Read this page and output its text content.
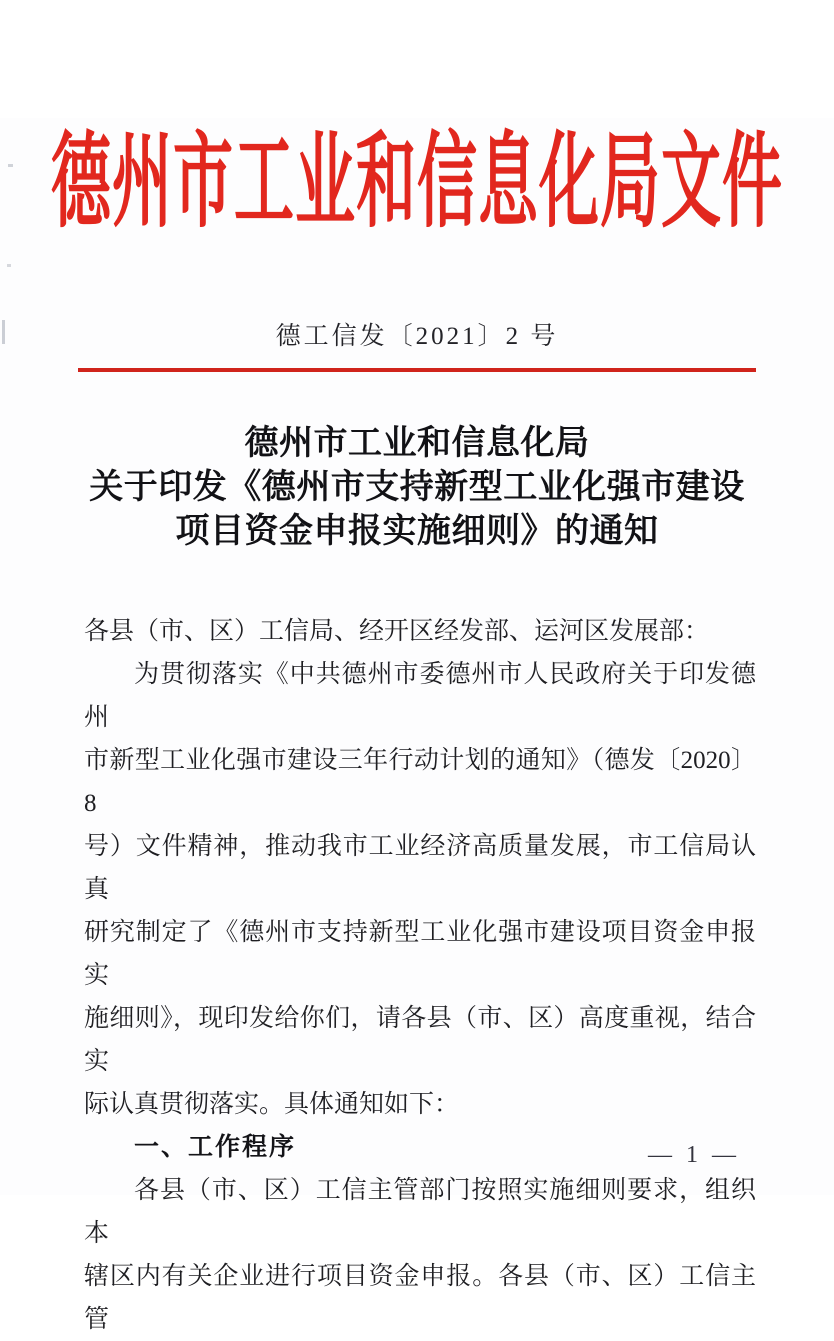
德州市工业和信息化局文件
德工信发〔2021〕2 号
德州市工业和信息化局
关于印发《德州市支持新型工业化强市建设
项目资金申报实施细则》的通知
各县（市、区）工信局、经开区经发部、运河区发展部：
为贯彻落实《中共德州市委德州市人民政府关于印发德州
市新型工业化强市建设三年行动计划的通知》（德发〔2020〕8
号）文件精神，推动我市工业经济高质量发展，市工信局认真
研究制定了《德州市支持新型工业化强市建设项目资金申报实
施细则》，现印发给你们，请各县（市、区）高度重视，结合实
际认真贯彻落实。具体通知如下：
一、工作程序
各县（市、区）工信主管部门按照实施细则要求，组织本
辖区内有关企业进行项目资金申报。各县（市、区）工信主管
— 1 —
